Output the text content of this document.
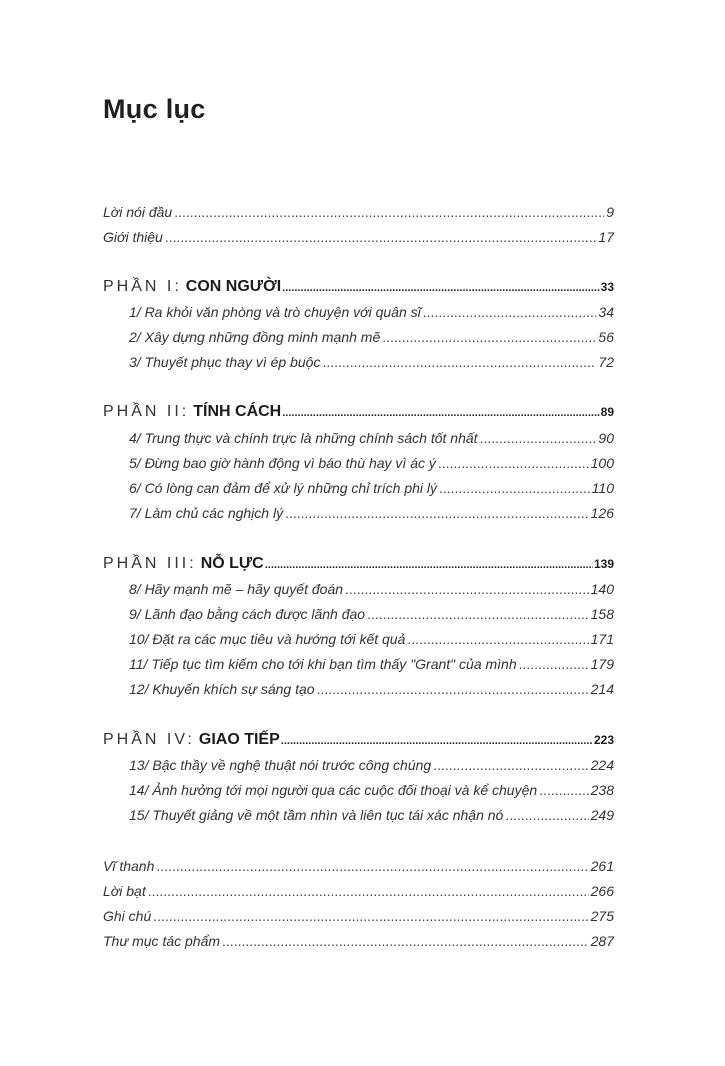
Mục lục
Lời nói đầu .....	9
Giới thiệu .....	17
PHẦN I: CON NGƯỜI .....	33
1/ Ra khỏi văn phòng và trò chuyện với quân sĩ .....	34
2/ Xây dựng những đồng minh mạnh mẽ .....	56
3/ Thuyết phục thay vì ép buộc .....	72
PHẦN II: TÍNH CÁCH .....	89
4/ Trung thực và chính trực là những chính sách tốt nhất .....	90
5/ Đừng bao giờ hành động vì báo thù hay vì ác ý .....	100
6/ Có lòng can đảm để xử lý những chỉ trích phi lý .....	110
7/ Làm chủ các nghịch lý .....	126
PHẦN III: NỖ LỰC .....	139
8/ Hãy mạnh mẽ – hãy quyết đoán .....	140
9/ Lãnh đạo bằng cách được lãnh đạo .....	158
10/ Đặt ra các mục tiêu và hướng tới kết quả .....	171
11/ Tiếp tục tìm kiếm cho tới khi bạn tìm thấy "Grant" của mình .....	179
12/ Khuyến khích sự sáng tạo .....	214
PHẦN IV: GIAO TIẾP .....	223
13/ Bậc thầy về nghệ thuật nói trước công chúng .....	224
14/ Ảnh hưởng tới mọi người qua các cuộc đối thoại và kể chuyện .....	238
15/ Thuyết giảng về một tầm nhìn và liên tục tái xác nhận nó .....	249
Vĩ thanh .....	261
Lời bạt .....	266
Ghi chú .....	275
Thư mục tác phẩm .....	287
